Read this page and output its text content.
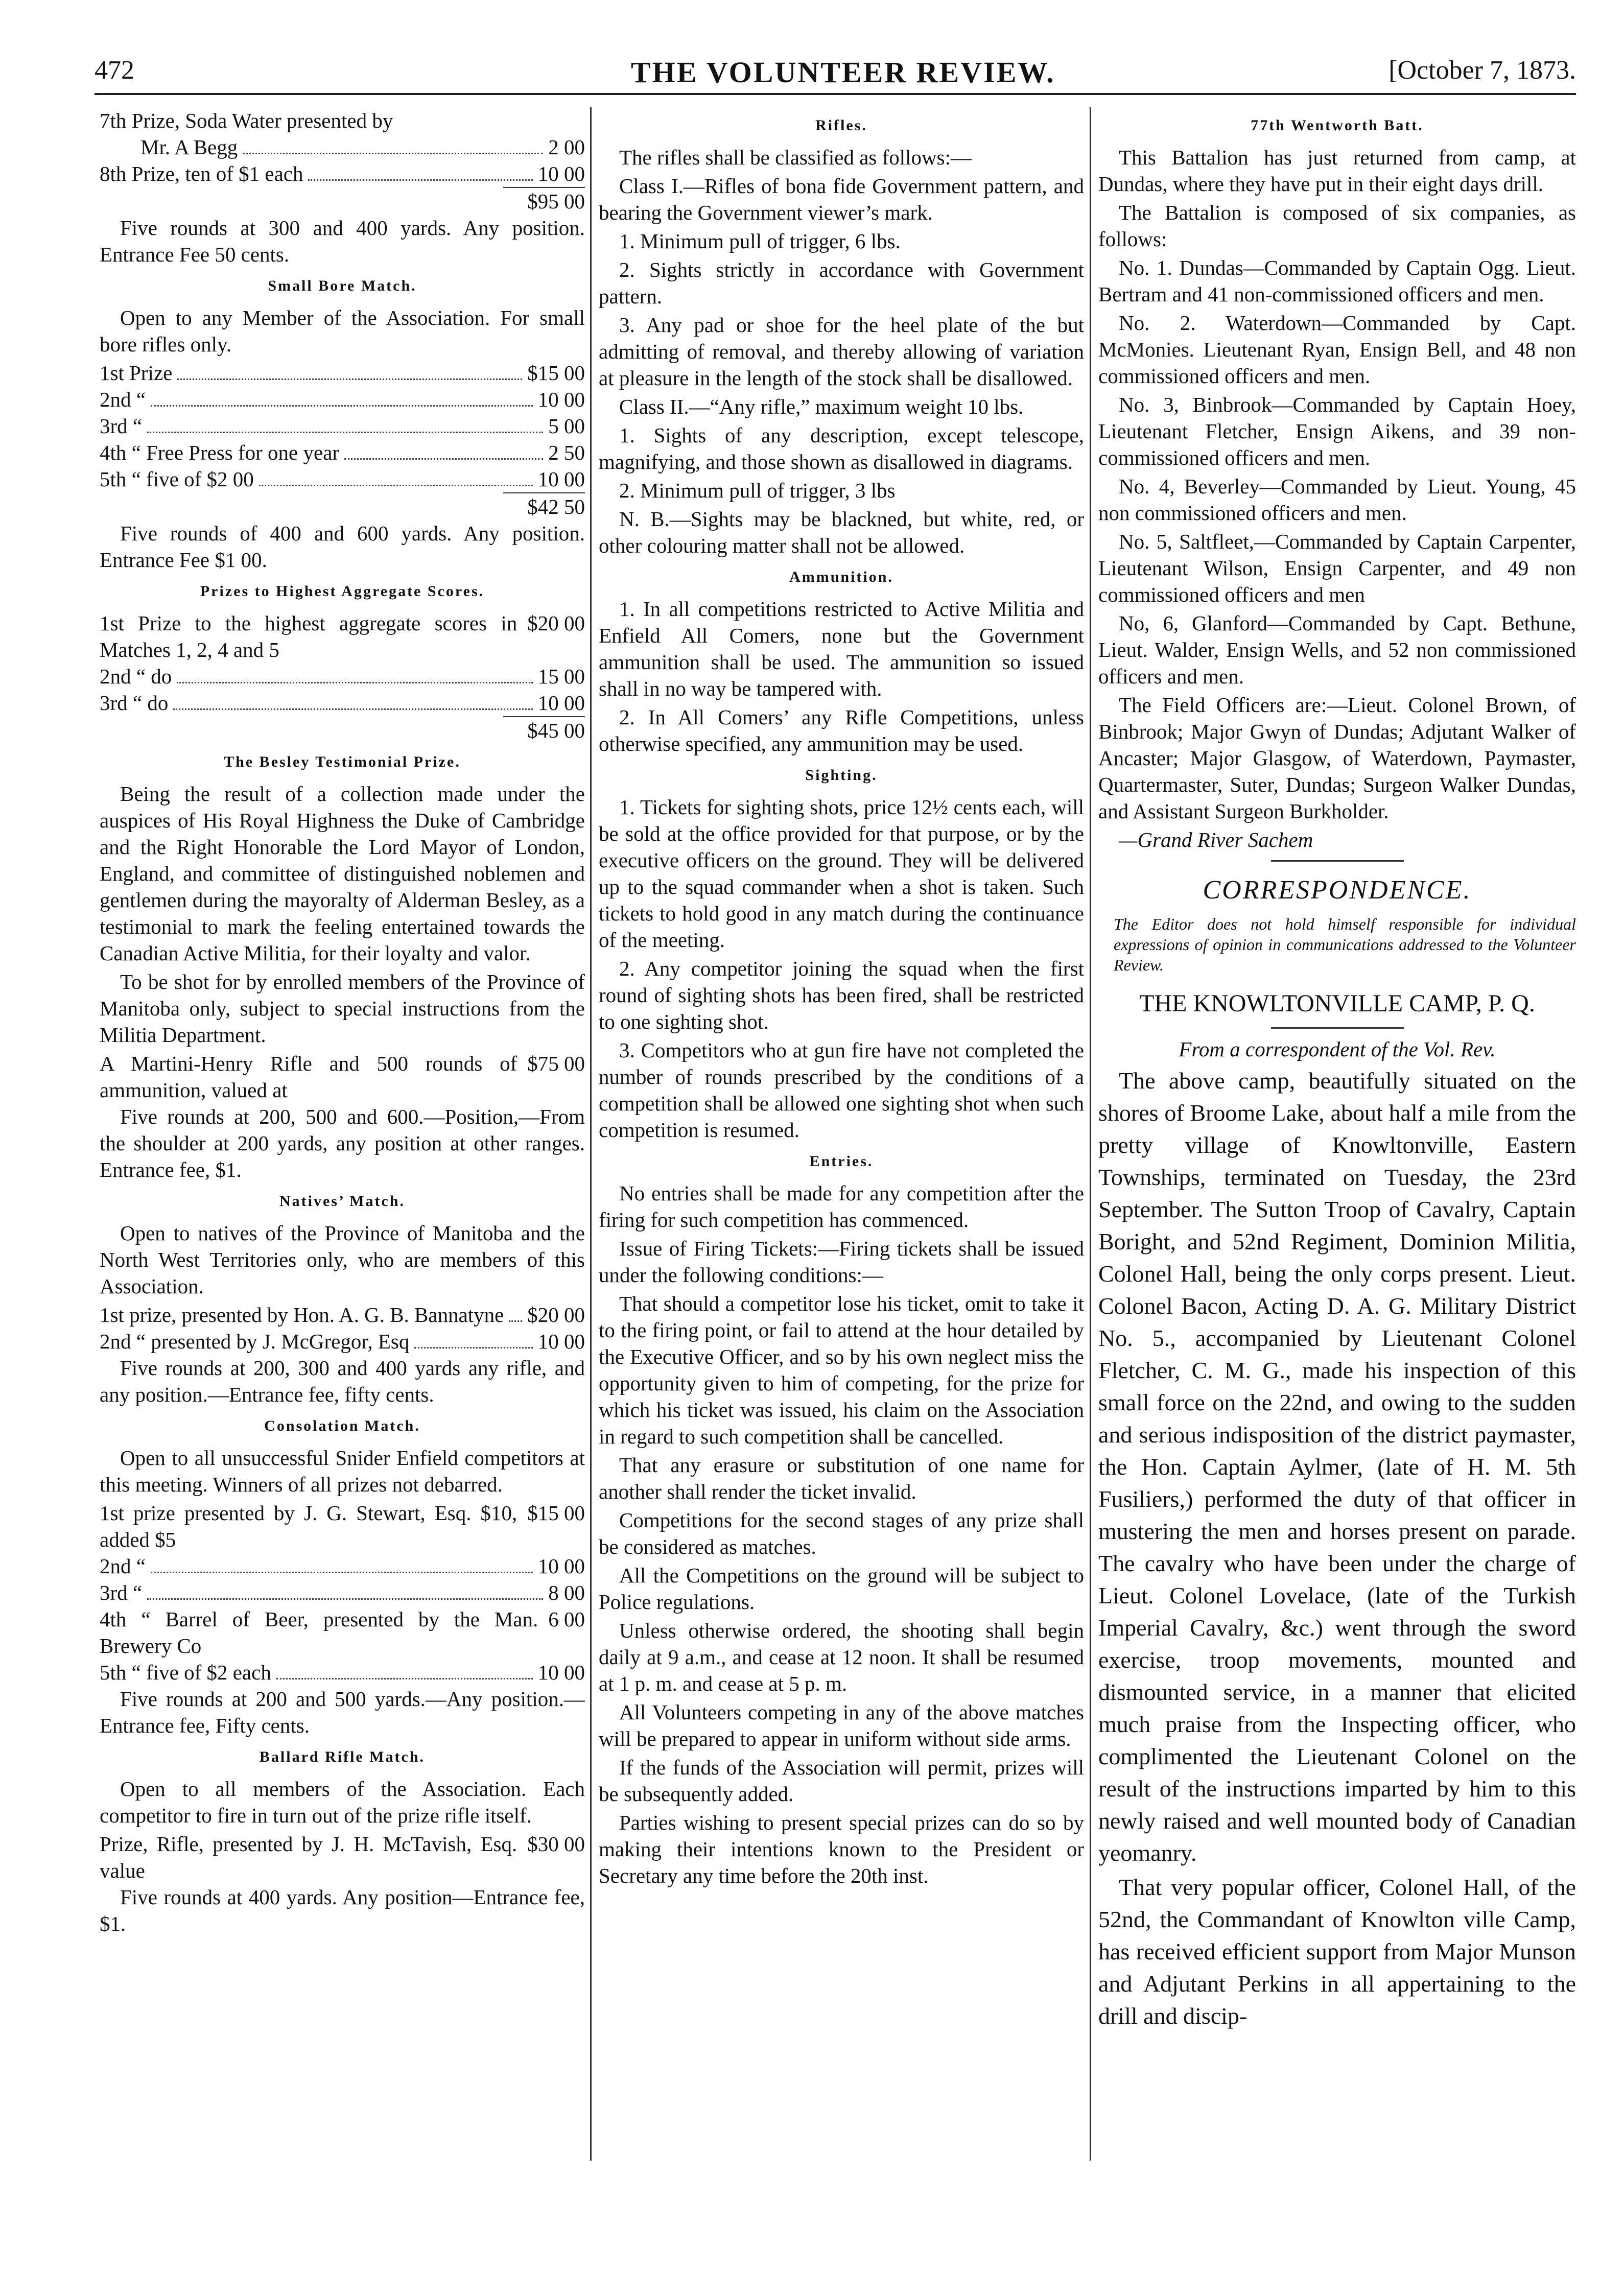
472	THE VOLUNTEER REVIEW.	[October 7, 1873.
7th Prize, Soda Water presented by
Mr. A Begg	2 00
8th Prize, ten of $1 each	10 00
$95 00

Five rounds at 300 and 400 yards. Any position. Entrance Fee 50 cents.

Small Bore Match.

Open to any Member of the Association. For small bore rifles only.

1st Prize	$15 00
2nd “	10 00
3rd “	5 00
4th “ Free Press for one year	2 50
5th “ five of $2 00	10 00
$42 50

Five rounds of 400 and 600 yards. Any position. Entrance Fee $1 00.

Prizes to Highest Aggregate Scores.
1st Prize to the highest aggregate scores in Matches 1, 2, 4 and 5
$20 00
2nd “ do	15 00
3rd “ do	10 00
$45 00
The Besley Testimonial Prize.

Being the result of a collection made under the auspices of His Royal Highness the Duke of Cambridge and the Right Honorable the Lord Mayor of London, England, and committee of distinguished noblemen and gentlemen during the mayoralty of Alderman Besley, as a testimonial to mark the feeling entertained towards the Canadian Active Militia, for their loyalty and valor.

To be shot for by enrolled members of the Province of Manitoba only, subject to special instructions from the Militia Department.

A Martini-Henry Rifle and 500 rounds of ammunition, valued at
$75 00

Five rounds at 200, 500 and 600.—Position,—From the shoulder at 200 yards, any position at other ranges. Entrance fee, $1.

Natives’ Match.

Open to natives of the Province of Manitoba and the North West Territories only, who are members of this Association.

1st prize, presented by Hon. A. G. B. Bannatyne $20 00
2nd “ presented by J. McGregor, Esq	10 00

Five rounds at 200, 300 and 400 yards any rifle, and any position.—Entrance fee, fifty cents.

Consolation Match.

Open to all unsuccessful Snider Enfield competitors at this meeting. Winners of all prizes not debarred.

1st prize presented by J. G. Stewart, Esq. $10, added $5
$15 00
2nd “	10 00
3rd “	8 00
4th “ Barrel of Beer, presented by the Man. Brewery Co
6 00
5th “ five of $2 each	10 00

Five rounds at 200 and 500 yards.—Any position.—Entrance fee, Fifty cents.

Ballard Rifle Match.

Open to all members of the Association. Each competitor to fire in turn out of the prize rifle itself.

Prize, Rifle, presented by J. H. McTavish, Esq. value
$30 00

Five rounds at 400 yards. Any position—Entrance fee, $1.

Rifles.

The rifles shall be classified as follows:—

Class I.—Rifles of bona fide Government pattern, and bearing the Government viewer’s mark.

1. Minimum pull of trigger, 6 lbs.

2. Sights strictly in accordance with Government pattern.

3. Any pad or shoe for the heel plate of the but admitting of removal, and thereby allowing of variation at pleasure in the length of the stock shall be disallowed.

Class II.—“Any rifle,” maximum weight 10 lbs.

1. Sights of any description, except telescope, magnifying, and those shown as disallowed in diagrams.

2. Minimum pull of trigger, 3 lbs

N. B.—Sights may be blackned, but white, red, or other colouring matter shall not be allowed.

Ammunition.

1. In all competitions restricted to Active Militia and Enfield All Comers, none but the Government ammunition shall be used. The ammunition so issued shall in no way be tampered with.

2. In All Comers’ any Rifle Competitions, unless otherwise specified, any ammunition may be used.

Sighting.

1. Tickets for sighting shots, price 12½ cents each, will be sold at the office provided for that purpose, or by the executive officers on the ground. They will be delivered up to the squad commander when a shot is taken. Such tickets to hold good in any match during the continuance of the meeting.

2. Any competitor joining the squad when the first round of sighting shots has been fired, shall be restricted to one sighting shot.

3. Competitors who at gun fire have not completed the number of rounds prescribed by the conditions of a competition shall be allowed one sighting shot when such competition is resumed.

Entries.

No entries shall be made for any competition after the firing for such competition has commenced.

Issue of Firing Tickets:—Firing tickets shall be issued under the following conditions:—

That should a competitor lose his ticket, omit to take it to the firing point, or fail to attend at the hour detailed by the Executive Officer, and so by his own neglect miss the opportunity given to him of competing, for the prize for which his ticket was issued, his claim on the Association in regard to such competition shall be cancelled.

That any erasure or substitution of one name for another shall render the ticket invalid.

Competitions for the second stages of any prize shall be considered as matches.

All the Competitions on the ground will be subject to Police regulations.

Unless otherwise ordered, the shooting shall begin daily at 9 a.m., and cease at 12 noon. It shall be resumed at 1 p. m. and cease at 5 p. m.

All Volunteers competing in any of the above matches will be prepared to appear in uniform without side arms.

If the funds of the Association will permit, prizes will be subsequently added.

Parties wishing to present special prizes can do so by making their intentions known to the President or Secretary any time before the 20th inst.

77th Wentworth Batt.

This Battalion has just returned from camp, at Dundas, where they have put in their eight days drill.

The Battalion is composed of six companies, as follows:

No. 1. Dundas—Commanded by Captain Ogg. Lieut. Bertram and 41 non-commissioned officers and men.

No. 2. Waterdown—Commanded by Capt. McMonies. Lieutenant Ryan, Ensign Bell, and 48 non commissioned officers and men.

No. 3, Binbrook—Commanded by Captain Hoey, Lieutenant Fletcher, Ensign Aikens, and 39 non-commissioned officers and men.

No. 4, Beverley—Commanded by Lieut. Young, 45 non commissioned officers and men.

No. 5, Saltfleet,—Commanded by Captain Carpenter, Lieutenant Wilson, Ensign Carpenter, and 49 non commissioned officers and men

No, 6, Glanford—Commanded by Capt. Bethune, Lieut. Walder, Ensign Wells, and 52 non commissioned officers and men.

The Field Officers are:—Lieut. Colonel Brown, of Binbrook; Major Gwyn of Dundas; Adjutant Walker of Ancaster; Major Glasgow, of Waterdown, Paymaster, Quartermaster, Suter, Dundas; Surgeon Walker Dundas, and Assistant Surgeon Burkholder.

—Grand River Sachem

CORRESPONDENCE.

The Editor does not hold himself responsible for individual expressions of opinion in communications addressed to the Volunteer Review.

THE KNOWLTONVILLE CAMP, P. Q.

From a correspondent of the Vol. Rev.

The above camp, beautifully situated on the shores of Broome Lake, about half a mile from the pretty village of Knowltonville, Eastern Townships, terminated on Tuesday, the 23rd September. The Sutton Troop of Cavalry, Captain Boright, and 52nd Regiment, Dominion Militia, Colonel Hall, being the only corps present. Lieut. Colonel Bacon, Acting D. A. G. Military District No. 5., accompanied by Lieutenant Colonel Fletcher, C. M. G., made his inspection of this small force on the 22nd, and owing to the sudden and serious indisposition of the district paymaster, the Hon. Captain Aylmer, (late of H. M. 5th Fusiliers,) performed the duty of that officer in mustering the men and horses present on parade. The cavalry who have been under the charge of Lieut. Colonel Lovelace, (late of the Turkish Imperial Cavalry, &c.) went through the sword exercise, troop movements, mounted and dismounted service, in a manner that elicited much praise from the Inspecting officer, who complimented the Lieutenant Colonel on the result of the instructions imparted by him to this newly raised and well mounted body of Canadian yeomanry.

That very popular officer, Colonel Hall, of the 52nd, the Commandant of Knowlton ville Camp, has received efficient support from Major Munson and Adjutant Perkins in all appertaining to the drill and discip-
